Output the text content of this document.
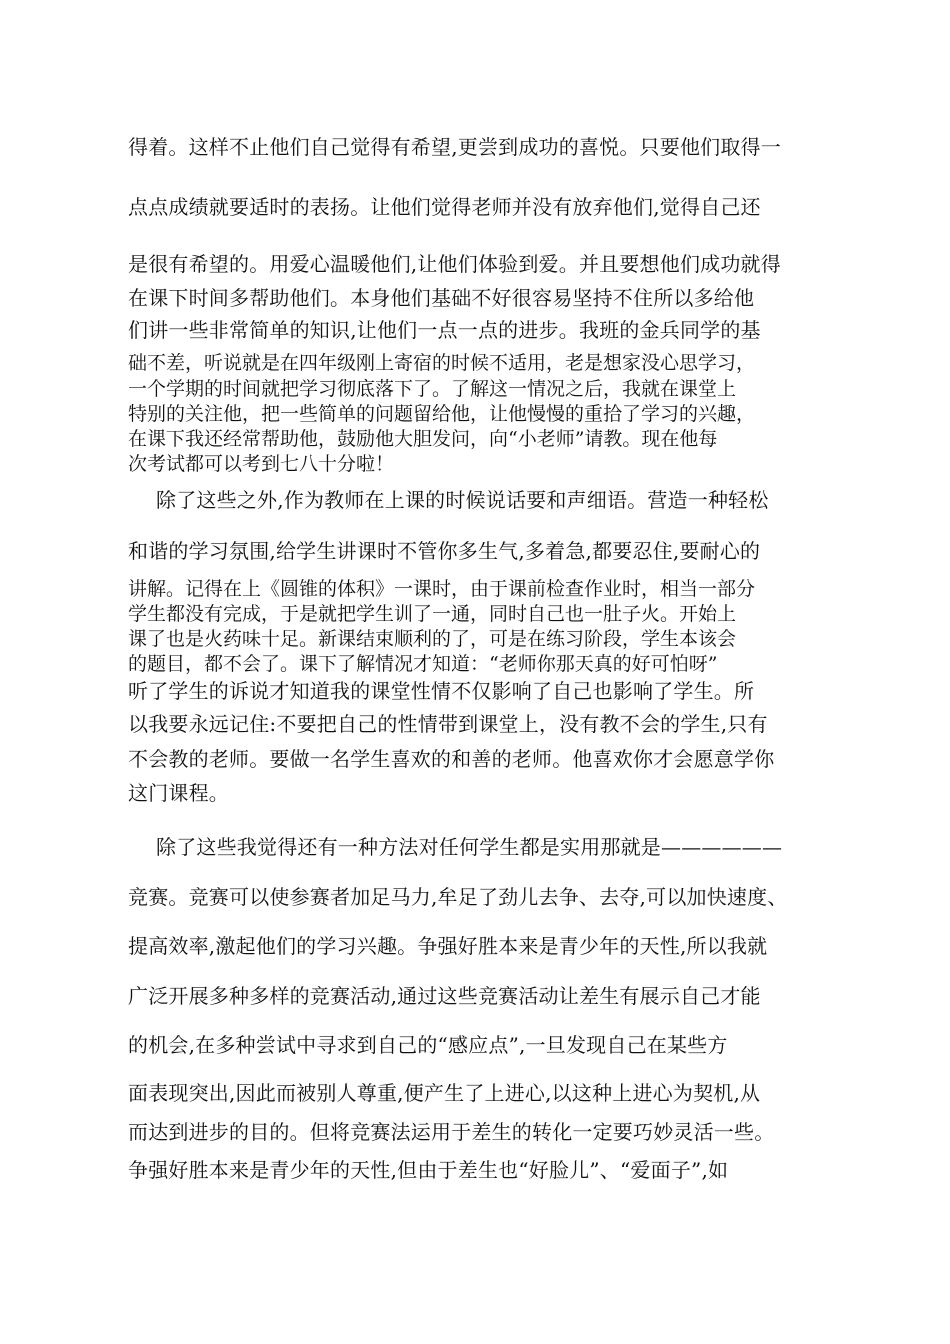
得着。这样不止他们自己觉得有希望,更尝到成功的喜悦。只要他们取得一
点点成绩就要适时的表扬。让他们觉得老师并没有放弃他们,觉得自己还
是很有希望的。用爱心温暖他们,让他们体验到爱。并且要想他们成功就得
在课下时间多帮助他们。本身他们基础不好很容易坚持不住所以多给他
们讲一些非常简单的知识,让他们一点一点的进步。我班的金兵同学的基
础不差，听说就是在四年级刚上寄宿的时候不适用，老是想家没心思学习，
一个学期的时间就把学习彻底落下了。了解这一情况之后，我就在课堂上
特别的关注他，把一些简单的问题留给他，让他慢慢的重拾了学习的兴趣，
在课下我还经常帮助他，鼓励他大胆发问，向“小老师”请教。现在他每
次考试都可以考到七八十分啦！
除了这些之外,作为教师在上课的时候说话要和声细语。营造一种轻松
和谐的学习氛围,给学生讲课时不管你多生气,多着急,都要忍住,要耐心的
讲解。记得在上《圆锥的体积》一课时，由于课前检查作业时，相当一部分
学生都没有完成，于是就把学生训了一通，同时自己也一肚子火。开始上
课了也是火药味十足。新课结束顺利的了，可是在练习阶段，学生本该会
的题目，都不会了。课下了解情况才知道：“老师你那天真的好可怕呀”
听了学生的诉说才知道我的课堂性情不仅影响了自己也影响了学生。所
以我要永远记住:不要把自己的性情带到课堂上，没有教不会的学生,只有
不会教的老师。要做一名学生喜欢的和善的老师。他喜欢你才会愿意学你
这门课程。
除了这些我觉得还有一种方法对任何学生都是实用那就是——————
竞赛。竞赛可以使参赛者加足马力,牟足了劲儿去争、去夺,可以加快速度、
提高效率,激起他们的学习兴趣。争强好胜本来是青少年的天性,所以我就
广泛开展多种多样的竞赛活动,通过这些竞赛活动让差生有展示自己才能
的机会,在多种尝试中寻求到自己的“感应点”,一旦发现自己在某些方
面表现突出,因此而被别人尊重,便产生了上进心,以这种上进心为契机,从
而达到进步的目的。但将竞赛法运用于差生的转化一定要巧妙灵活一些。
争强好胜本来是青少年的天性,但由于差生也“好脸儿”、“爱面子”,如
